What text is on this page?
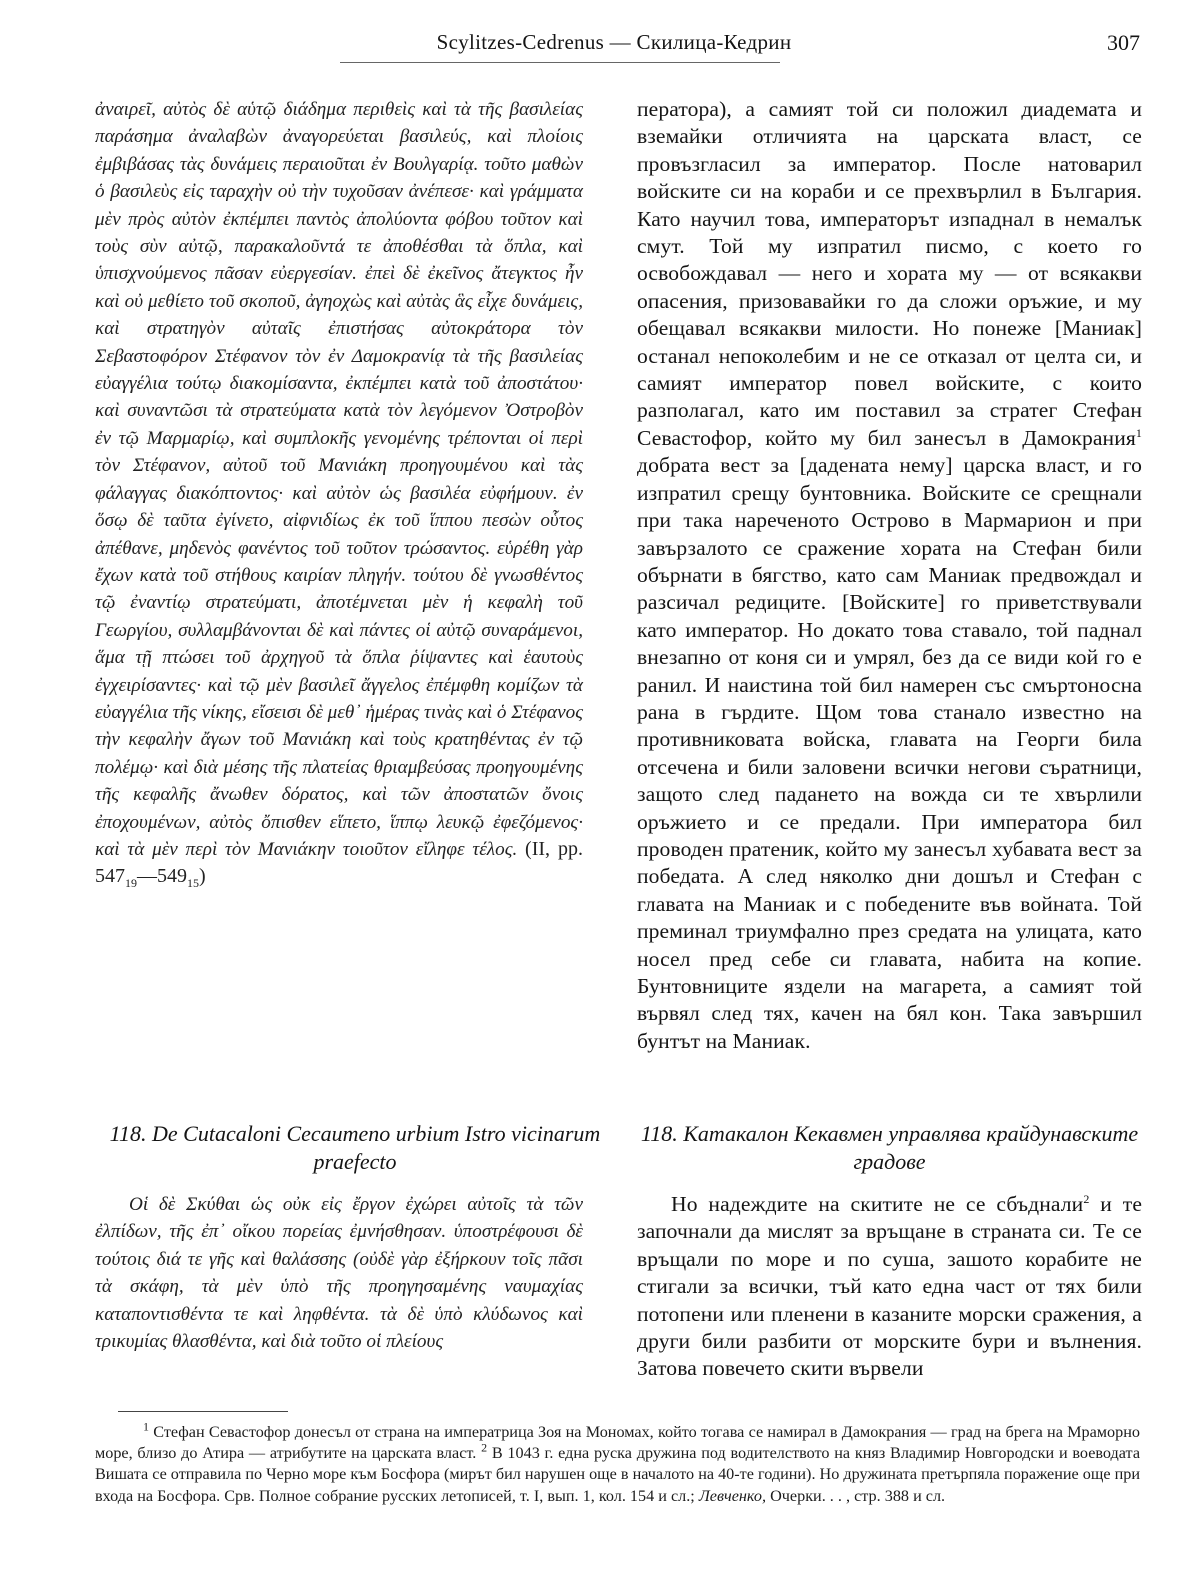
Scylitzes-Cedrenus — Скилица-Кедрин	307
ἀναιρεῖ, αὐτὸς δὲ αὑτῷ διάδημα περιθεὶς καὶ τὰ τῆς βασιλείας παράσημα ἀναλαβὼν ἀναγορεύεται βασιλεύς, καὶ πλοίοις ἐμβιβάσας τὰς δυνάμεις περαιοῦται ἐν Βουλγαρίᾳ. τοῦτο μαθὼν ὁ βασιλεὺς εἰς ταραχὴν οὐ τὴν τυχοῦσαν ἀνέπεσε· καὶ γράμματα μὲν πρὸς αὐτὸν ἐκπέμπει παντὸς ἀπολύοντα φόβου τοῦτον καὶ τοὺς σὺν αὐτῷ, παρακαλοῦντά τε ἀποθέσθαι τὰ ὅπλα, καὶ ὑπισχνούμενος πᾶσαν εὐεργεσίαν. ἐπεὶ δὲ ἐκεῖνος ἄτεγκτος ἦν καὶ οὐ μεθίετο τοῦ σκοποῦ, ἀγηοχὼς καὶ αὐτὰς ἃς εἶχε δυνάμεις, καὶ στρατηγὸν αὐταῖς ἐπιστήσας αὐτοκράτορα τὸν Σεβαστοφόρον Στέφανον τὸν ἐν Δαμοκρανίᾳ τὰ τῆς βασιλείας εὐαγγέλια τούτῳ διακομίσαντα, ἐκπέμπει κατὰ τοῦ ἀποστάτου· καὶ συναντῶσι τὰ στρατεύματα κατὰ τὸν λεγόμενον Ὀστροβὸν ἐν τῷ Μαρμαρίῳ, καὶ συμπλοκῆς γενομένης τρέπονται οἱ περὶ τὸν Στέφανον, αὐτοῦ τοῦ Μανιάκη προηγουμένου καὶ τὰς φάλαγγας διακόπτοντος· καὶ αὐτὸν ὡς βασιλέα εὐφήμουν. ἐν ὅσῳ δὲ ταῦτα ἐγίνετο, αἰφνιδίως ἐκ τοῦ ἵππου πεσὼν οὗτος ἀπέθανε, μηδενὸς φανέντος τοῦ τοῦτον τρώσαντος. εὑρέθη γὰρ ἔχων κατὰ τοῦ στήθους καιρίαν πληγήν. τούτου δὲ γνωσθέντος τῷ ἐναντίῳ στρατεύματι, ἀποτέμνεται μὲν ἡ κεφαλὴ τοῦ Γεωργίου, συλλαμβάνονται δὲ καὶ πάντες οἱ αὐτῷ συναράμενοι, ἅμα τῇ πτώσει τοῦ ἀρχηγοῦ τὰ ὅπλα ῥίψαντες καὶ ἑαυτοὺς ἐγχειρίσαντες· καὶ τῷ μὲν βασιλεῖ ἄγγελος ἐπέμφθη κομίζων τὰ εὐαγγέλια τῆς νίκης, εἴσεισι δὲ μεθ᾽ ἡμέρας τινὰς καὶ ὁ Στέφανος τὴν κεφαλὴν ἄγων τοῦ Μανιάκη καὶ τοὺς κρατηθέντας ἐν τῷ πολέμῳ· καὶ διὰ μέσης τῆς πλατείας θριαμβεύσας προηγουμένης τῆς κεφαλῆς ἄνωθεν δόρατος, καὶ τῶν ἀποστατῶν ὄνοις ἐποχουμένων, αὐτὸς ὄπισθεν εἵπετο, ἵππῳ λευκῷ ἐφεζόμενος· καὶ τὰ μὲν περὶ τὸν Μανιάκην τοιοῦτον εἴληφε τέλος. (II, pp. $547_{19}—549_{15}$)
ператора), а самият той си положил диадемата и вземайки отличията на царската власт, се провъзгласил за император. После натоварил войските си на кораби и се прехвърлил в България. Като научил това, императорът изпаднал в немалък смут. Той му изпратил писмо, с което го освобождавал — него и хората му — от всякакви опасения, призовавайки го да сложи оръжие, и му обещавал всякакви милости. Но понеже [Маниак] останал непоколебим и не се отказал от целта си, и самият император повел войските, с които разполагал, като им поставил за стратег Стефан Севастофор, който му бил занесъл в Дамокрания$^1$ добрата вест за [дадената нему] царска власт, и го изпратил срещу бунтовника. Войските се срещнали при така нареченото Острово в Мармарион и при завързалото се сражение хората на Стефан били обърнати в бягство, като сам Маниак предвождал и разсичал редиците. [Войските] го приветствували като император. Но докато това ставало, той паднал внезапно от коня си и умрял, без да се види кой го е ранил. И наистина той бил намерен със смъртоносна рана в гърдите. Щом това станало известно на противниковата войска, главата на Георги била отсечена и били заловени всички негови съратници, защото след падането на вожда си те хвърлили оръжието и се предали. При императора бил проводен пратеник, който му занесъл хубавата вест за победата. А след няколко дни дошъл и Стефан с главата на Маниак и с победените във войната. Той преминал триумфално през средата на улицата, като носел пред себе си главата, набита на копие. Бунтовниците яздели на магарета, а самият той вървял след тях, качен на бял кон. Така завършил бунтът на Маниак.
118. De Cutacaloni Cecaumeno urbium Istro vicinarum praefecto
118. Катакалон Кекавмен управлява крайдунавските градове
Οἱ δὲ Σκύθαι ὡς οὐκ εἰς ἔργον ἐχώρει αὐτοῖς τὰ τῶν ἐλπίδων, τῆς ἐπ᾽ οἴκου πορείας ἐμνήσθησαν. ὑποστρέφουσι δὲ τούτοις διά τε γῆς καὶ θαλάσσης (οὐδὲ γὰρ ἐξήρκουν τοῖς πᾶσι τὰ σκάφη, τὰ μὲν ὑπὸ τῆς προηγησαμένης ναυμαχίας καταποντισθέντα τε καὶ ληφθέντα. τὰ δὲ ὑπὸ κλύδωνος καὶ τρικυμίας θλασθέντα, καὶ διὰ τοῦτο οἱ πλείους
Но надеждите на скитите не се сбъднали$^2$ и те започнали да мислят за връщане в страната си. Те се връщали по море и по суша, зашото корабите не стигали за всички, тъй като една част от тях били потопени или пленени в казаните морски сражения, а други били разбити от морските бури и вълнения. Затова повечето скити вървели
$^1$ Стефан Севастофор донесъл от страна на императрица Зоя на Мономах, който тогава се намирал в Дамокрания — град на брега на Мраморно море, близо до Атира — атрибутите на царската власт. $^2$ В 1043 г. една руска дружина под водителството на княз Владимир Новгородски и воеводата Вишата се отправила по Черно море към Босфора (мирът бил нарушен още в началото на 40-те години). Но дружината претърпяла поражение още при входа на Босфора. Срв. Полное собрание русских летописей, т. I, вып. 1, кол. 154 и сл.; Левченко, Очерки. . . , стр. 388 и сл.
